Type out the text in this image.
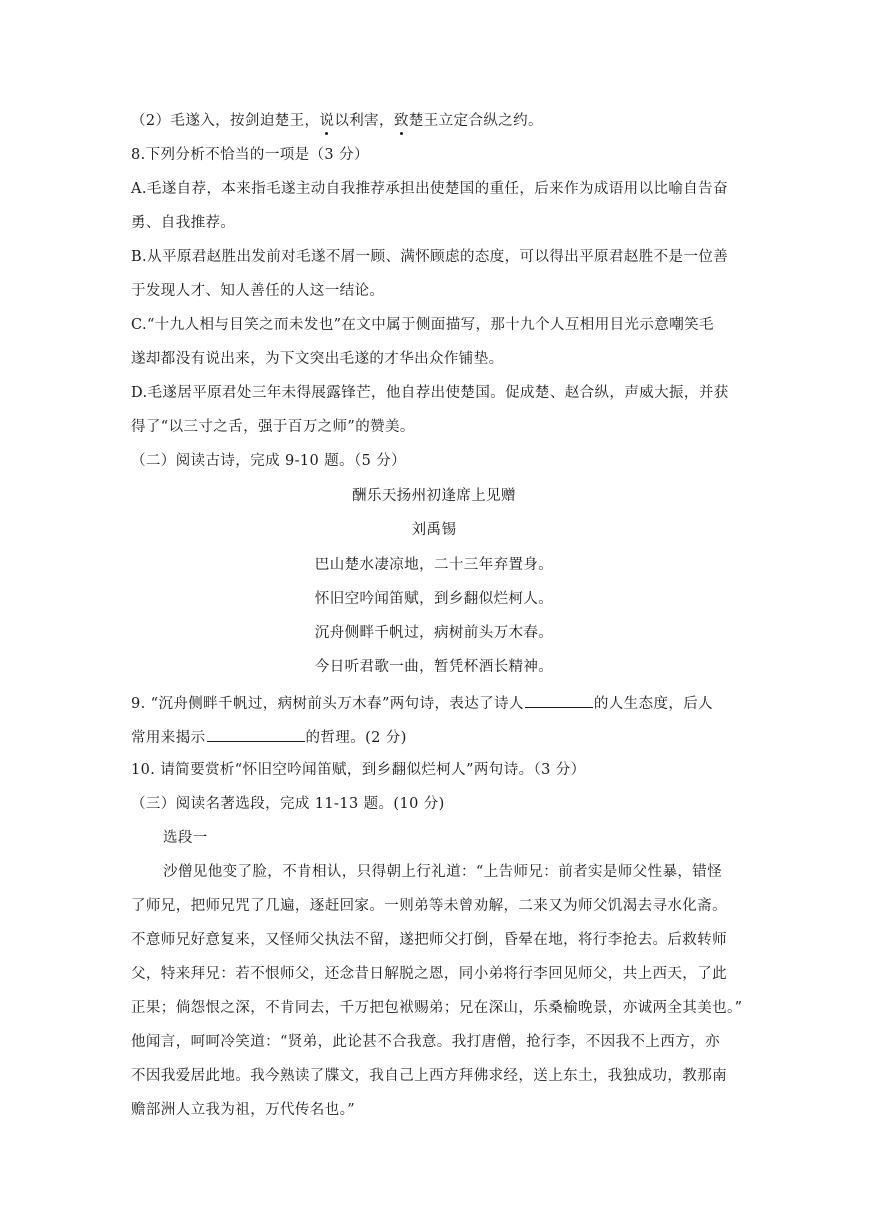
（2）毛遂入，按剑迫楚王，说以利害，致楚王立定合纵之约。
8.下列分析不恰当的一项是（3 分）
A.毛遂自荐，本来指毛遂主动自我推荐承担出使楚国的重任，后来作为成语用以比喻自告奋
勇、自我推荐。
B.从平原君赵胜出发前对毛遂不屑一顾、满怀顾虑的态度，可以得出平原君赵胜不是一位善
于发现人才、知人善任的人这一结论。
C.“十九人相与目笑之而未发也”在文中属于侧面描写，那十九个人互相用目光示意嘲笑毛
遂却都没有说出来，为下文突出毛遂的才华出众作铺垫。
D.毛遂居平原君处三年未得展露锋芒，他自荐出使楚国。促成楚、赵合纵，声威大振，并获
得了“以三寸之舌，强于百万之师”的赞美。
（二）阅读古诗，完成 9-10 题。（5 分）
酬乐天扬州初逢席上见赠
刘禹锡
巴山楚水凄凉地，二十三年弃置身。
怀旧空吟闻笛赋，到乡翻似烂柯人。
沉舟侧畔千帆过，病树前头万木春。
今日听君歌一曲，暂凭杯酒长精神。
9. “沉舟侧畔千帆过，病树前头万木春”两句诗，表达了诗人	的人生态度，后人
常用来揭示	的哲理。(2 分)
10. 请简要赏析“怀旧空吟闻笛赋，到乡翻似烂柯人”两句诗。（3 分）
（三）阅读名著选段，完成 11-13 题。(10 分)
选段一
沙僧见他变了脸，不肯相认，只得朝上行礼道：“上告师兄：前者实是师父性暴，错怪
了师兄，把师兄咒了几遍，逐赶回家。一则弟等未曾劝解，二来又为师父饥渴去寻水化斋。
不意师兄好意复来，又怪师父执法不留，遂把师父打倒，昏晕在地，将行李抢去。后救转师
父，特来拜兄：若不恨师父，还念昔日解脱之恩，同小弟将行李回见师父，共上西天，了此
正果；倘怨恨之深，不肯同去，千万把包袱赐弟；兄在深山，乐桑榆晚景，亦诚两全其美也。”
他闻言，呵呵冷笑道：“贤弟，此论甚不合我意。我打唐僧，抢行李，不因我不上西方，亦
不因我爱居此地。我今熟读了牒文，我自己上西方拜佛求经，送上东土，我独成功，教那南
赡部洲人立我为祖，万代传名也。”
